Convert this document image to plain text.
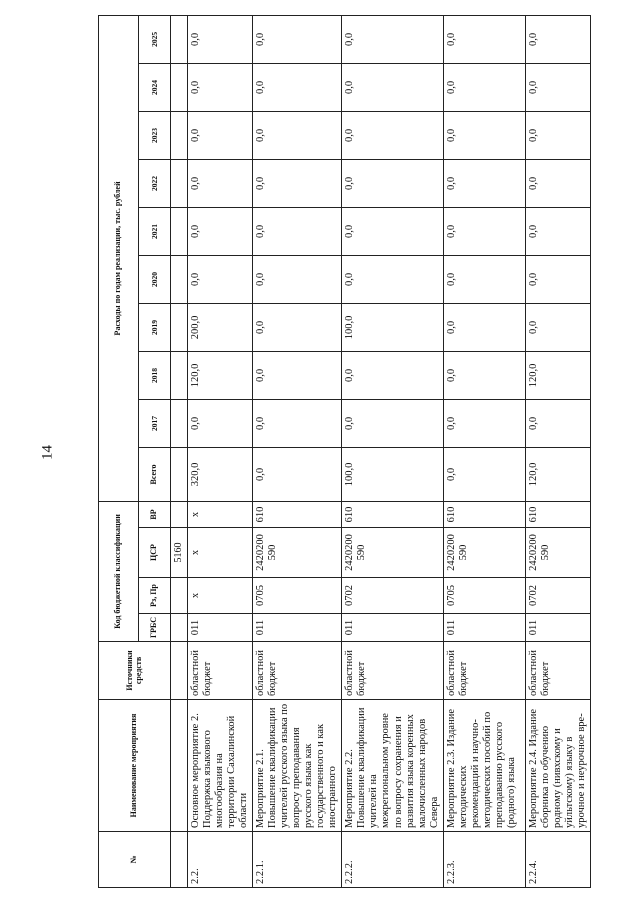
14
№	Наименование мероприятия	Источники средств	Код бюджетной классификации				Расходы по годам реализации, тыс. рублей									
			ГРБС	Рз, Пр	ЦСР	ВР	Всего	2017	2018	2019	2020	2021	2022	2023	2024	2025

					5160											
2.2.	Основное мероприятие 2. Поддержка языкового многообразия на территории Сахалинской области	областной бюджет	011	x	x	x	320,0	0,0	120,0	200,0	0,0	0,0	0,0	0,0	0,0	0,0
2.2.1.	Мероприятие 2.1. Повышение квалификации учителей русского языка по вопросу преподавания русского языка как государственного и как иностранного	областной бюджет	011	0705	2420200 590	610	0,0	0,0	0,0	0,0	0,0	0,0	0,0	0,0	0,0	0,0
2.2.2.	Мероприятие 2.2. Повышение квалификации учителей на межрегиональном уровне по вопросу сохранения и развития языка коренных малочисленных народов Севера	областной бюджет	011	0702	2420200 590	610	100,0	0,0	0,0	100,0	0,0	0,0	0,0	0,0	0,0	0,0
2.2.3.	Мероприятие 2.3. Издание методических рекомендаций и научно-методических пособий по преподаванию русского (родного) языка	областной бюджет	011	0705	2420200 590	610	0,0	0,0	0,0	0,0	0,0	0,0	0,0	0,0	0,0	0,0
2.2.4.	Мероприятие 2.4. Издание сборника по обучению родному (нивхскому и уйльтскому) языку в урочное и неурочное вре-	областной бюджет	011	0702	2420200 590	610	120,0	0,0	120,0	0,0	0,0	0,0	0,0	0,0	0,0	0,0
